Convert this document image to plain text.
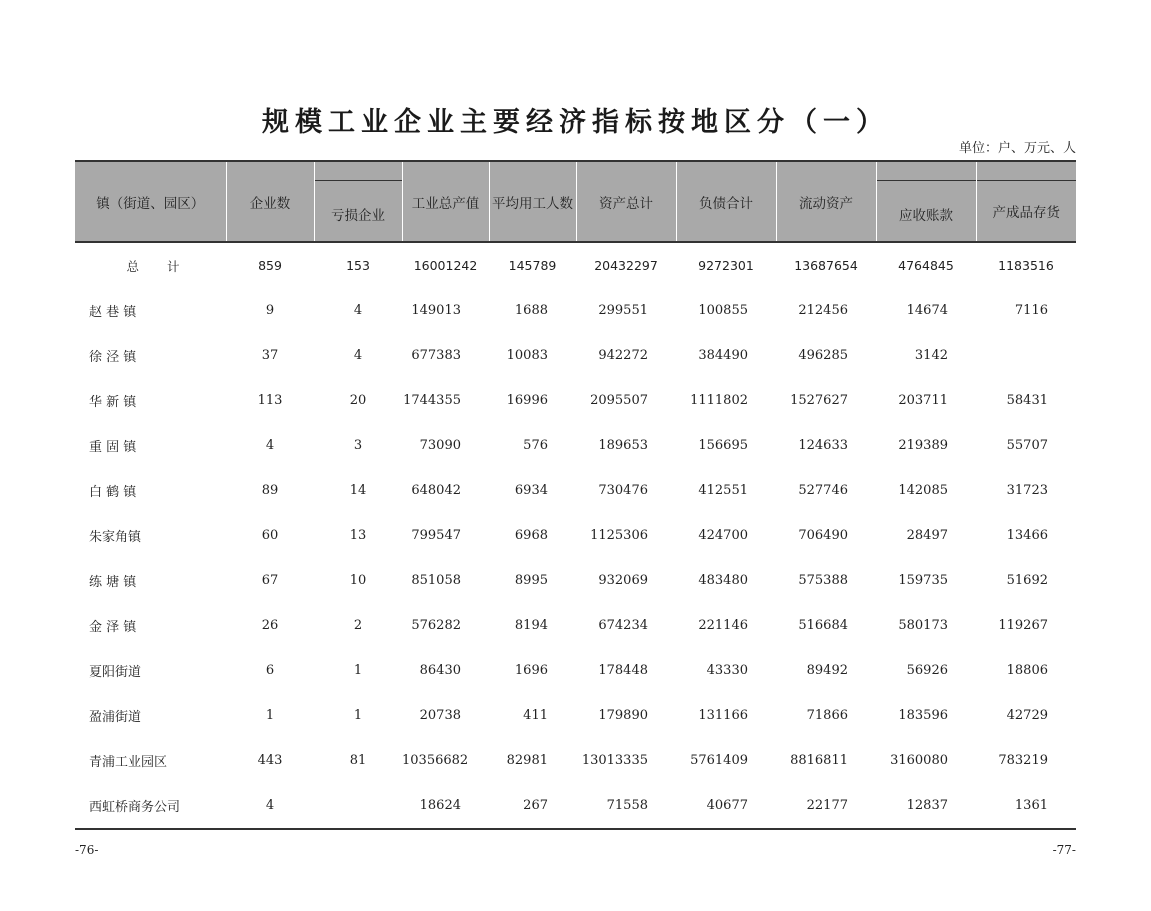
规模工业企业主要经济指标按地区分（一）
单位：户、万元、人
镇（街道、园区）	企业数		工业总产值	平均用工人数	资产总计	负债合计	流动资产		
		亏损企业						应收账款	产成品存货
总　　计	859	153	16001242	145789	20432297	9272301	13687654	4764845	1183516
赵 巷 镇	9	4	149013	1688	299551	100855	212456	14674	7116
徐 泾 镇	37	4	677383	10083	942272	384490	496285	3142	
华 新 镇	113	20	1744355	16996	2095507	1111802	1527627	203711	58431
重 固 镇	4	3	73090	576	189653	156695	124633	219389	55707
白 鹤 镇	89	14	648042	6934	730476	412551	527746	142085	31723
朱家角镇	60	13	799547	6968	1125306	424700	706490	28497	13466
练 塘 镇	67	10	851058	8995	932069	483480	575388	159735	51692
金 泽 镇	26	2	576282	8194	674234	221146	516684	580173	119267
夏阳街道	6	1	86430	1696	178448	43330	89492	56926	18806
盈浦街道	1	1	20738	411	179890	131166	71866	183596	42729
青浦工业园区	443	81	10356682	82981	13013335	5761409	8816811	3160080	783219
西虹桥商务公司	4		18624	267	71558	40677	22177	12837	1361
-76-	-77-
